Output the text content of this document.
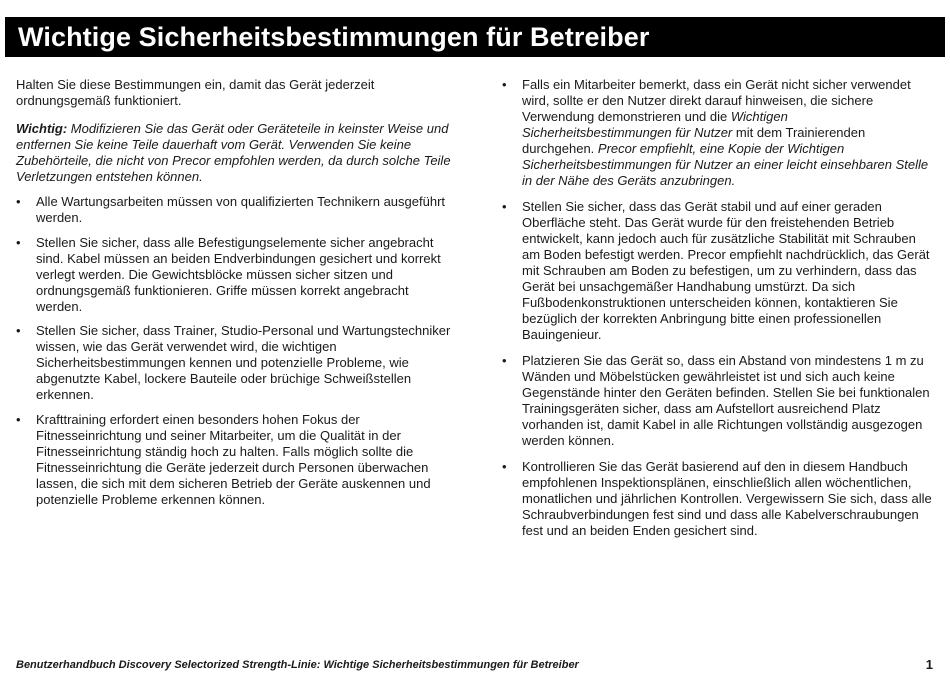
Wichtige Sicherheitsbestimmungen für Betreiber

Halten Sie diese Bestimmungen ein, damit das Gerät jederzeit ordnungsgemäß funktioniert.

Wichtig: Modifizieren Sie das Gerät oder Geräteteile in keinster Weise und entfernen Sie keine Teile dauerhaft vom Gerät. Verwenden Sie keine Zubehörteile, die nicht von Precor empfohlen werden, da durch solche Teile Verletzungen entstehen können.

• Alle Wartungsarbeiten müssen von qualifizierten Technikern ausgeführt werden.
• Stellen Sie sicher, dass alle Befestigungselemente sicher angebracht sind. Kabel müssen an beiden Endverbindungen gesichert und korrekt verlegt werden. Die Gewichtsblöcke müssen sicher sitzen und ordnungsgemäß funktionieren. Griffe müssen korrekt angebracht werden.
• Stellen Sie sicher, dass Trainer, Studio-Personal und Wartungstechniker wissen, wie das Gerät verwendet wird, die wichtigen Sicherheitsbestimmungen kennen und potenzielle Probleme, wie abgenutzte Kabel, lockere Bauteile oder brüchige Schweißstellen erkennen.
• Krafttraining erfordert einen besonders hohen Fokus der Fitnesseinrichtung und seiner Mitarbeiter, um die Qualität in der Fitnesseinrichtung ständig hoch zu halten. Falls möglich sollte die Fitnesseinrichtung die Geräte jederzeit durch Personen überwachen lassen, die sich mit dem sicheren Betrieb der Geräte auskennen und potenzielle Probleme erkennen können.
• Falls ein Mitarbeiter bemerkt, dass ein Gerät nicht sicher verwendet wird, sollte er den Nutzer direkt darauf hinweisen, die sichere Verwendung demonstrieren und die Wichtigen Sicherheitsbestimmungen für Nutzer mit dem Trainierenden durchgehen. Precor empfiehlt, eine Kopie der Wichtigen Sicherheitsbestimmungen für Nutzer an einer leicht einsehbaren Stelle in der Nähe des Geräts anzubringen.
• Stellen Sie sicher, dass das Gerät stabil und auf einer geraden Oberfläche steht. Das Gerät wurde für den freistehenden Betrieb entwickelt, kann jedoch auch für zusätzliche Stabilität mit Schrauben am Boden befestigt werden. Precor empfiehlt nachdrücklich, das Gerät mit Schrauben am Boden zu befestigen, um zu verhindern, dass das Gerät bei unsachgemäßer Handhabung umstürzt. Da sich Fußbodenkonstruktionen unterscheiden können, kontaktieren Sie bezüglich der korrekten Anbringung bitte einen professionellen Bauingenieur.
• Platzieren Sie das Gerät so, dass ein Abstand von mindestens 1 m zu Wänden und Möbelstücken gewährleistet ist und sich auch keine Gegenstände hinter den Geräten befinden. Stellen Sie bei funktionalen Trainingsgeräten sicher, dass am Aufstellort ausreichend Platz vorhanden ist, damit Kabel in alle Richtungen vollständig ausgezogen werden können.
• Kontrollieren Sie das Gerät basierend auf den in diesem Handbuch empfohlenen Inspektionsplänen, einschließlich allen wöchentlichen, monatlichen und jährlichen Kontrollen. Vergewissern Sie sich, dass alle Schraubverbindungen fest sind und dass alle Kabelverschraubungen fest und an beiden Enden gesichert sind.
Benutzerhandbuch Discovery Selectorized Strength-Linie: Wichtige Sicherheitsbestimmungen für Betreiber	1
